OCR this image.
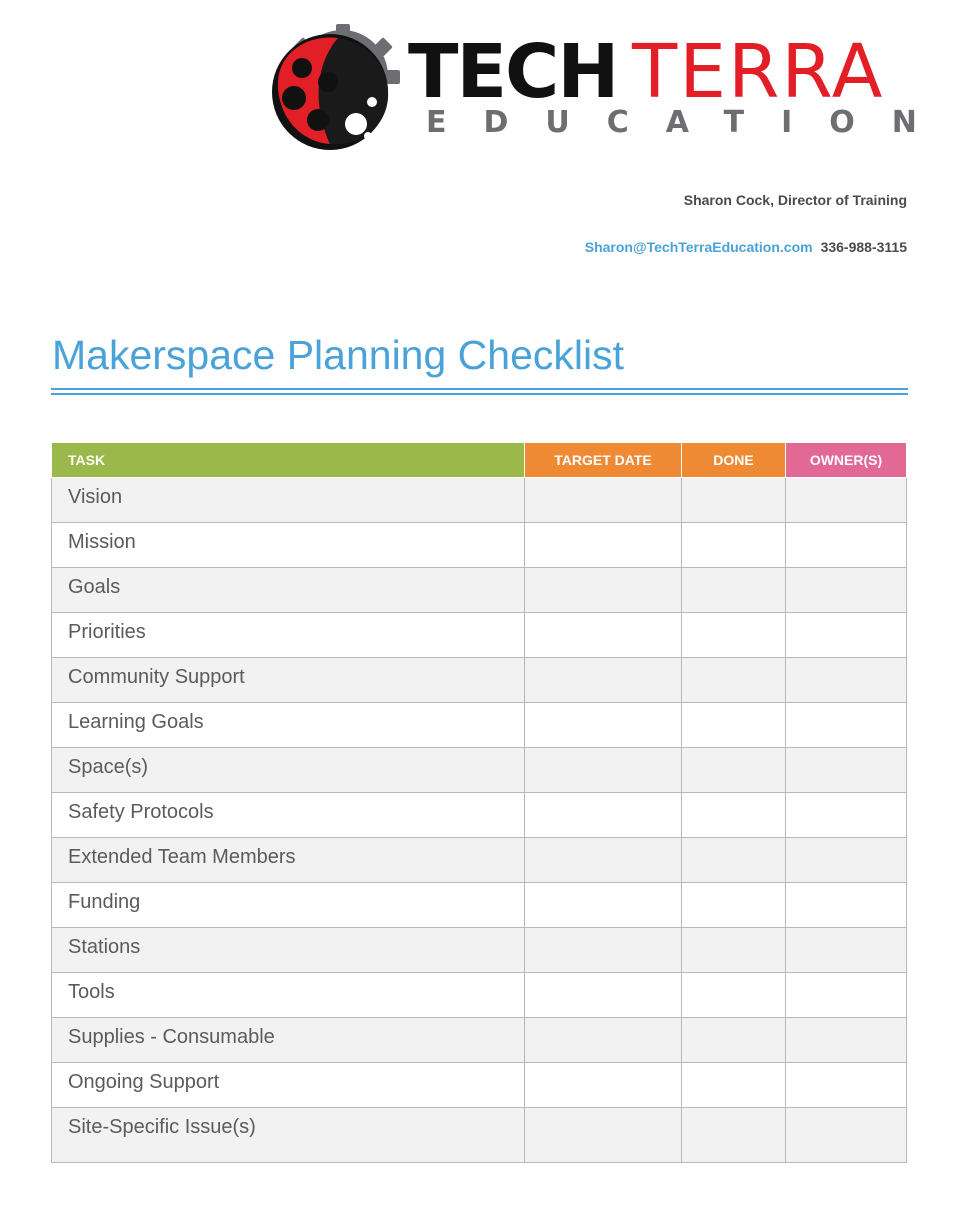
TECH TERRA
EDUCATION
Sharon Cock, Director of Training
Sharon@TechTerraEducation.com 336-988-3115
Makerspace Planning Checklist
TASK	TARGET DATE	DONE	OWNER(S)
Vision			
Mission			
Goals			
Priorities			
Community Support			
Learning Goals			
Space(s)			
Safety Protocols			
Extended Team Members			
Funding			
Stations			
Tools			
Supplies - Consumable			
Ongoing Support			
Site-Specific Issue(s)			
